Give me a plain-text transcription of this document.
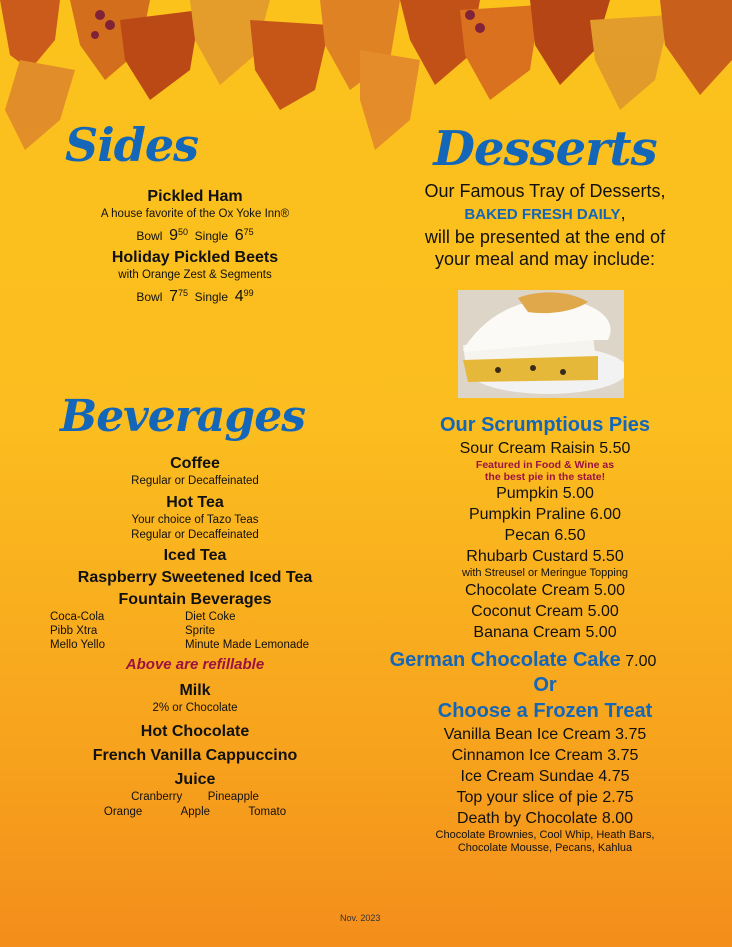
Sides
Pickled Ham
A house favorite of the Ox Yoke Inn®
Bowl $9^{50}$ Single $6^{75}$
Holiday Pickled Beets
with Orange Zest & Segments
Bowl $7^{75}$ Single $4^{99}$
Beverages
Coffee
Regular or Decaffeinated
Hot Tea
Your choice of Tazo Teas
Regular or Decaffeinated
Iced Tea
Raspberry Sweetened Iced Tea
Fountain Beverages
Coca-Cola	Diet Coke
Pibb Xtra	Sprite
Mello Yello	Minute Made Lemonade
Above are refillable
Milk
2% or Chocolate
Hot Chocolate
French Vanilla Cappuccino
Juice
Cranberry Pineapple
Orange	Apple	Tomato
Desserts
Our Famous Tray of Desserts,
BAKED FRESH DAILY,
will be presented at the end of
your meal and may include:
Our Scrumptious Pies
Sour Cream Raisin 5.50
Featured in Food & Wine as
the best pie in the state!
Pumpkin 5.00
Pumpkin Praline 6.00
Pecan 6.50
Rhubarb Custard 5.50
with Streusel or Meringue Topping
Chocolate Cream 5.00
Coconut Cream 5.00
Banana Cream 5.00
German Chocolate Cake 7.00
Or
Choose a Frozen Treat
Vanilla Bean Ice Cream 3.75
Cinnamon Ice Cream 3.75
Ice Cream Sundae 4.75
Top your slice of pie 2.75
Death by Chocolate 8.00
Chocolate Brownies, Cool Whip, Heath Bars,
Chocolate Mousse, Pecans, Kahlua
Nov. 2023
